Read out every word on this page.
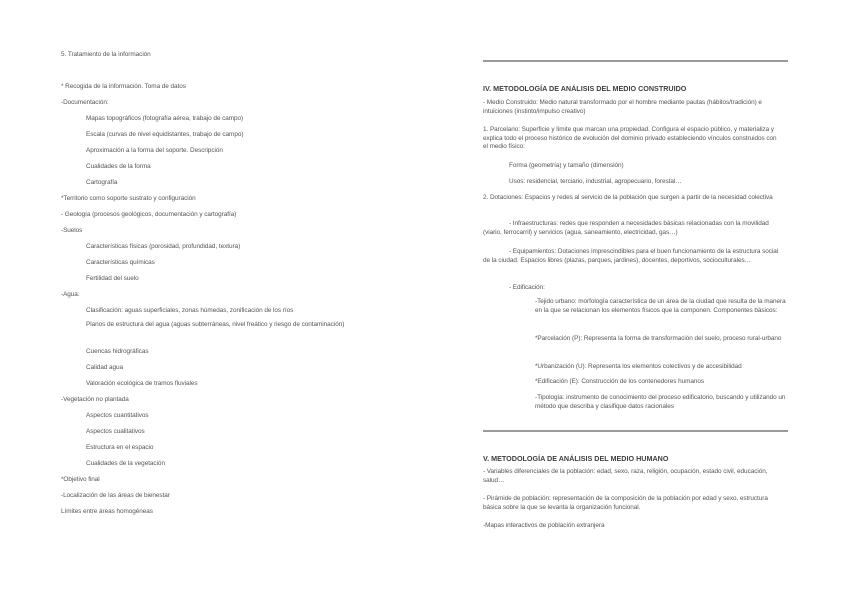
5. Tratamiento de la información
* Recogida de la información. Toma de datos
-Documentación:
Mapas topográficos (fotografía aérea, trabajo de campo)
Escala (curvas de nivel equidistantes, trabajo de campo)
Aproximación a la forma del soporte. Descripción
Cualidades de la forma
Cartografía
*Territorio como soporte sustrato y configuración
- Geología (procesos geológicos, documentación y cartografía)
-Suelos
Características físicas (porosidad, profundidad, textura)
Características químicas
Fertilidad del suelo
-Agua:
Clasificación: aguas superficiales, zonas húmedas, zonificación de los ríos
Planos de estructura del agua (aguas subterráneas, nivel freático y riesgo de contaminación)
Cuencas hidrográficas
Calidad agua
Valoración ecológica de tramos fluviales
-Vegetación no plantada
Aspectos cuantitativos
Aspectos cualitativos
Estructura en el espacio
Cualidades de la vegetación
*Objetivo final
-Localización de las áreas de bienestar
Límites entre áreas homogéneas
IV. METODOLOGÍA DE ANÁLISIS DEL MEDIO CONSTRUIDO
- Medio Construido: Medio natural transformado por el hombre mediante pautas (hábitos/tradición) e intuiciones (instinto/impulso creativo)
1. Parcelario: Superficie y límite que marcan una propiedad. Configura el espacio público, y materializa y explica todo el proceso histórico de evolución del dominio privado estableciendo vínculos construidos con el medio físico:
Forma (geometría) y tamaño (dimensión)
Usos: residencial, terciario, industrial, agropecuario, forestal…
2. Dotaciones: Espacios y redes al servicio de la población que surgen a partir de la necesidad colectiva
- Infraestructuras: redes que responden a necesidades básicas relacionadas con la movilidad (viario, ferrocarril) y servicios (agua, saneamiento, electricidad, gas…)
- Equipamientos: Dotaciones imprescindibles para el buen funcionamiento de la estructura social de la ciudad. Espacios libres (plazas, parques, jardines), docentes, deportivos, socioculturales…
- Edificación:
-Tejido urbano: morfología característica de un área de la ciudad que resulta de la manera en la que se relacionan los elementos físicos que la componen. Componentes básicos:
*Parcelación (P): Representa la forma de transformación del suelo, proceso rural-urbano
*Urbanización (U): Representa los elementos colectivos y de accesibilidad
*Edificación (E): Construcción de los contenedores humanos
-Tipología: instrumento de conocimiento del proceso edificatorio, buscando y utilizando un método que describa y clasifique datos racionales
V. METODOLOGÍA DE ANÁLISIS DEL MEDIO HUMANO
- Variables diferenciales de la población: edad, sexo, raza, religión, ocupación, estado civil, educación, salud…
- Pirámide de población: representación de la composición de la población por edad y sexo, estructura básica sobre la que se levanta la organización funcional.
-Mapas interactivos de población extranjera
